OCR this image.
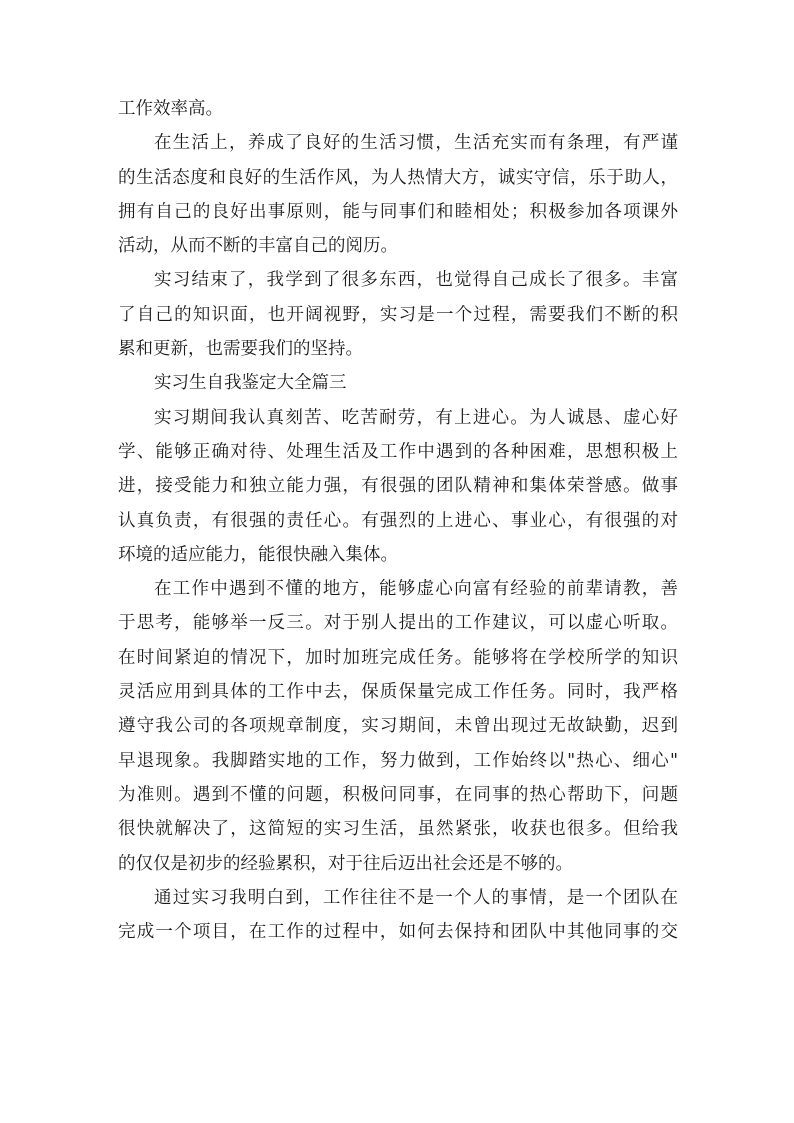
工作效率高。
在生活上，养成了良好的生活习惯，生活充实而有条理，有严谨
的生活态度和良好的生活作风，为人热情大方，诚实守信，乐于助人，
拥有自己的良好出事原则，能与同事们和睦相处；积极参加各项课外
活动，从而不断的丰富自己的阅历。
实习结束了，我学到了很多东西，也觉得自己成长了很多。丰富
了自己的知识面，也开阔视野，实习是一个过程，需要我们不断的积
累和更新，也需要我们的坚持。
实习生自我鉴定大全篇三
实习期间我认真刻苦、吃苦耐劳，有上进心。为人诚恳、虚心好
学、能够正确对待、处理生活及工作中遇到的各种困难，思想积极上
进，接受能力和独立能力强，有很强的团队精神和集体荣誉感。做事
认真负责，有很强的责任心。有强烈的上进心、事业心，有很强的对
环境的适应能力，能很快融入集体。
在工作中遇到不懂的地方，能够虚心向富有经验的前辈请教，善
于思考，能够举一反三。对于别人提出的工作建议，可以虚心听取。
在时间紧迫的情况下，加时加班完成任务。能够将在学校所学的知识
灵活应用到具体的工作中去，保质保量完成工作任务。同时，我严格
遵守我公司的各项规章制度，实习期间，未曾出现过无故缺勤，迟到
早退现象。我脚踏实地的工作，努力做到，工作始终以"热心、细心"
为准则。遇到不懂的问题，积极问同事，在同事的热心帮助下，问题
很快就解决了，这简短的实习生活，虽然紧张，收获也很多。但给我
的仅仅是初步的经验累积，对于往后迈出社会还是不够的。
通过实习我明白到，工作往往不是一个人的事情，是一个团队在
完成一个项目，在工作的过程中，如何去保持和团队中其他同事的交
